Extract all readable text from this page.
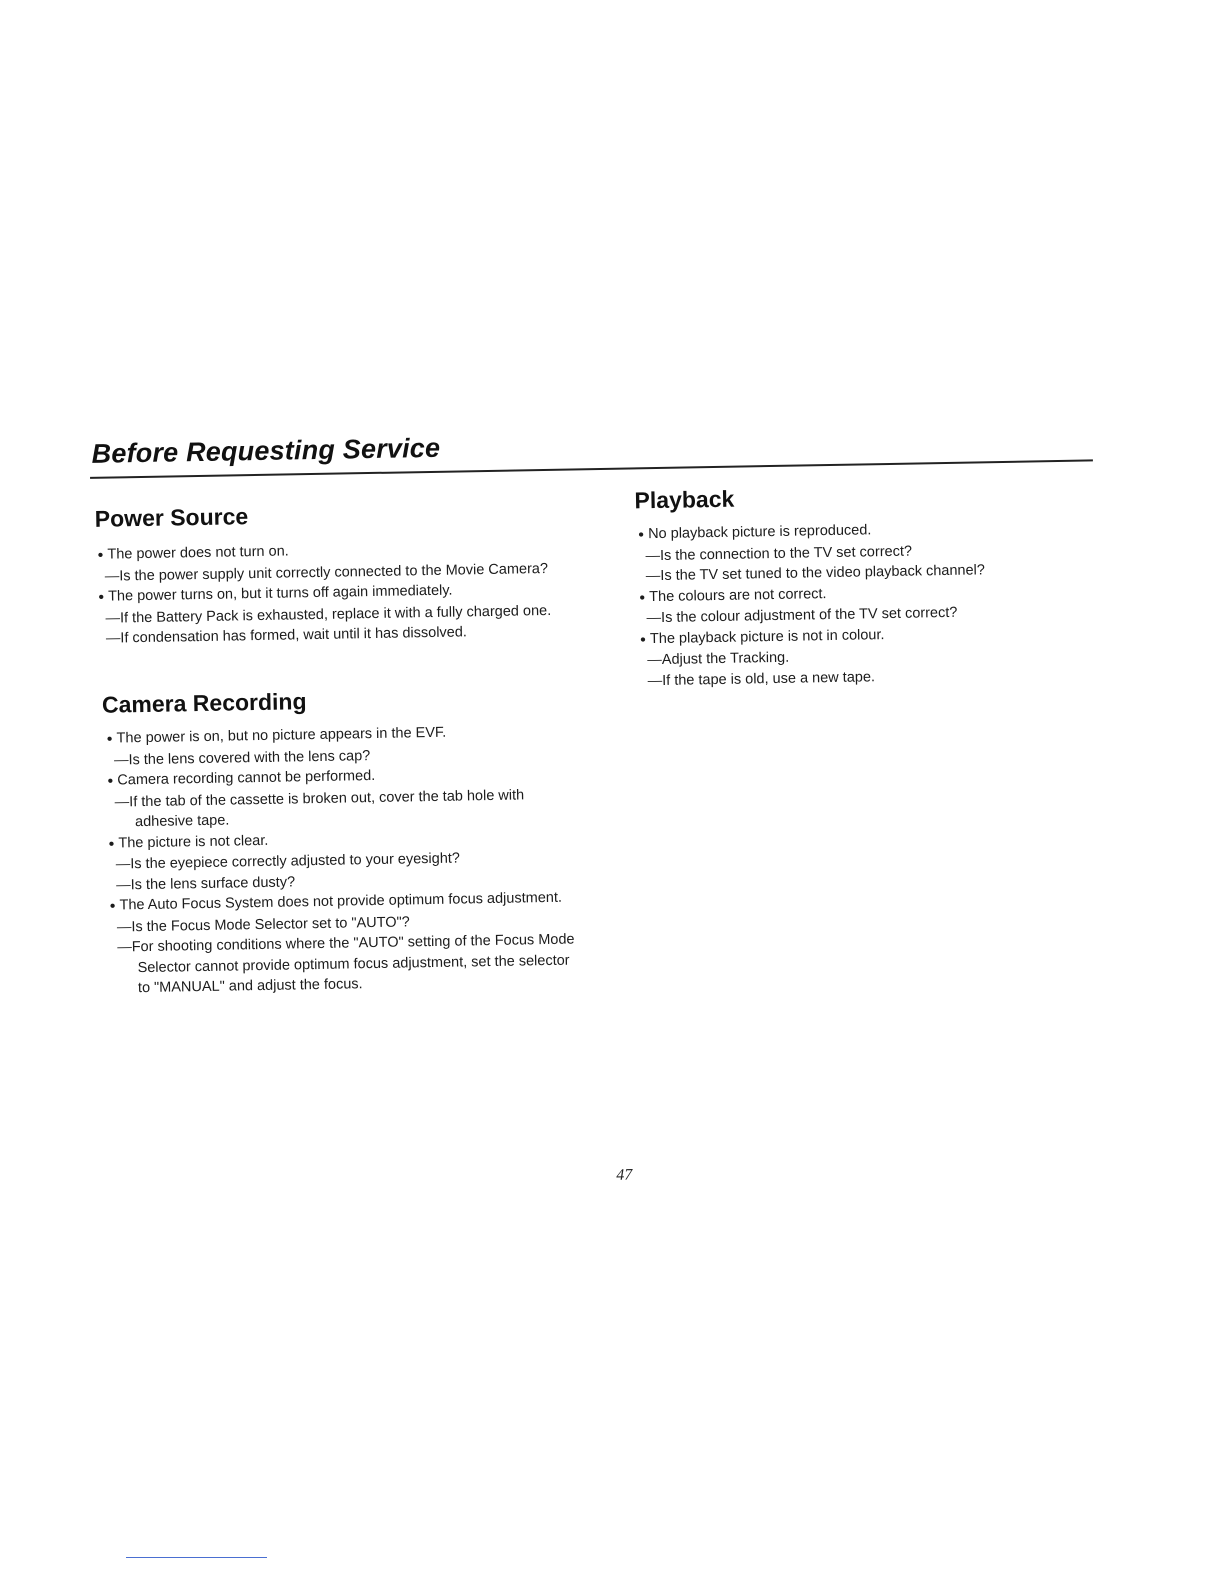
Before Requesting Service
Power Source

● The power does not turn on.

—Is the power supply unit correctly connected to the Movie Camera?

● The power turns on, but it turns off again immediately.

—If the Battery Pack is exhausted, replace it with a fully charged one.

—If condensation has formed, wait until it has dissolved.

Camera Recording

● The power is on, but no picture appears in the EVF.

—Is the lens covered with the lens cap?

● Camera recording cannot be performed.

—If the tab of the cassette is broken out, cover the tab hole with adhesive tape.

● The picture is not clear.

—Is the eyepiece correctly adjusted to your eyesight?

—Is the lens surface dusty?

● The Auto Focus System does not provide optimum focus adjustment.

—Is the Focus Mode Selector set to "AUTO"?

—For shooting conditions where the "AUTO" setting of the Focus Mode Selector cannot provide optimum focus adjustment, set the selector to "MANUAL" and adjust the focus.

Playback

● No playback picture is reproduced.

—Is the connection to the TV set correct?

—Is the TV set tuned to the video playback channel?

● The colours are not correct.

—Is the colour adjustment of the TV set correct?

● The playback picture is not in colour.

—Adjust the Tracking.

—If the tape is old, use a new tape.

47
